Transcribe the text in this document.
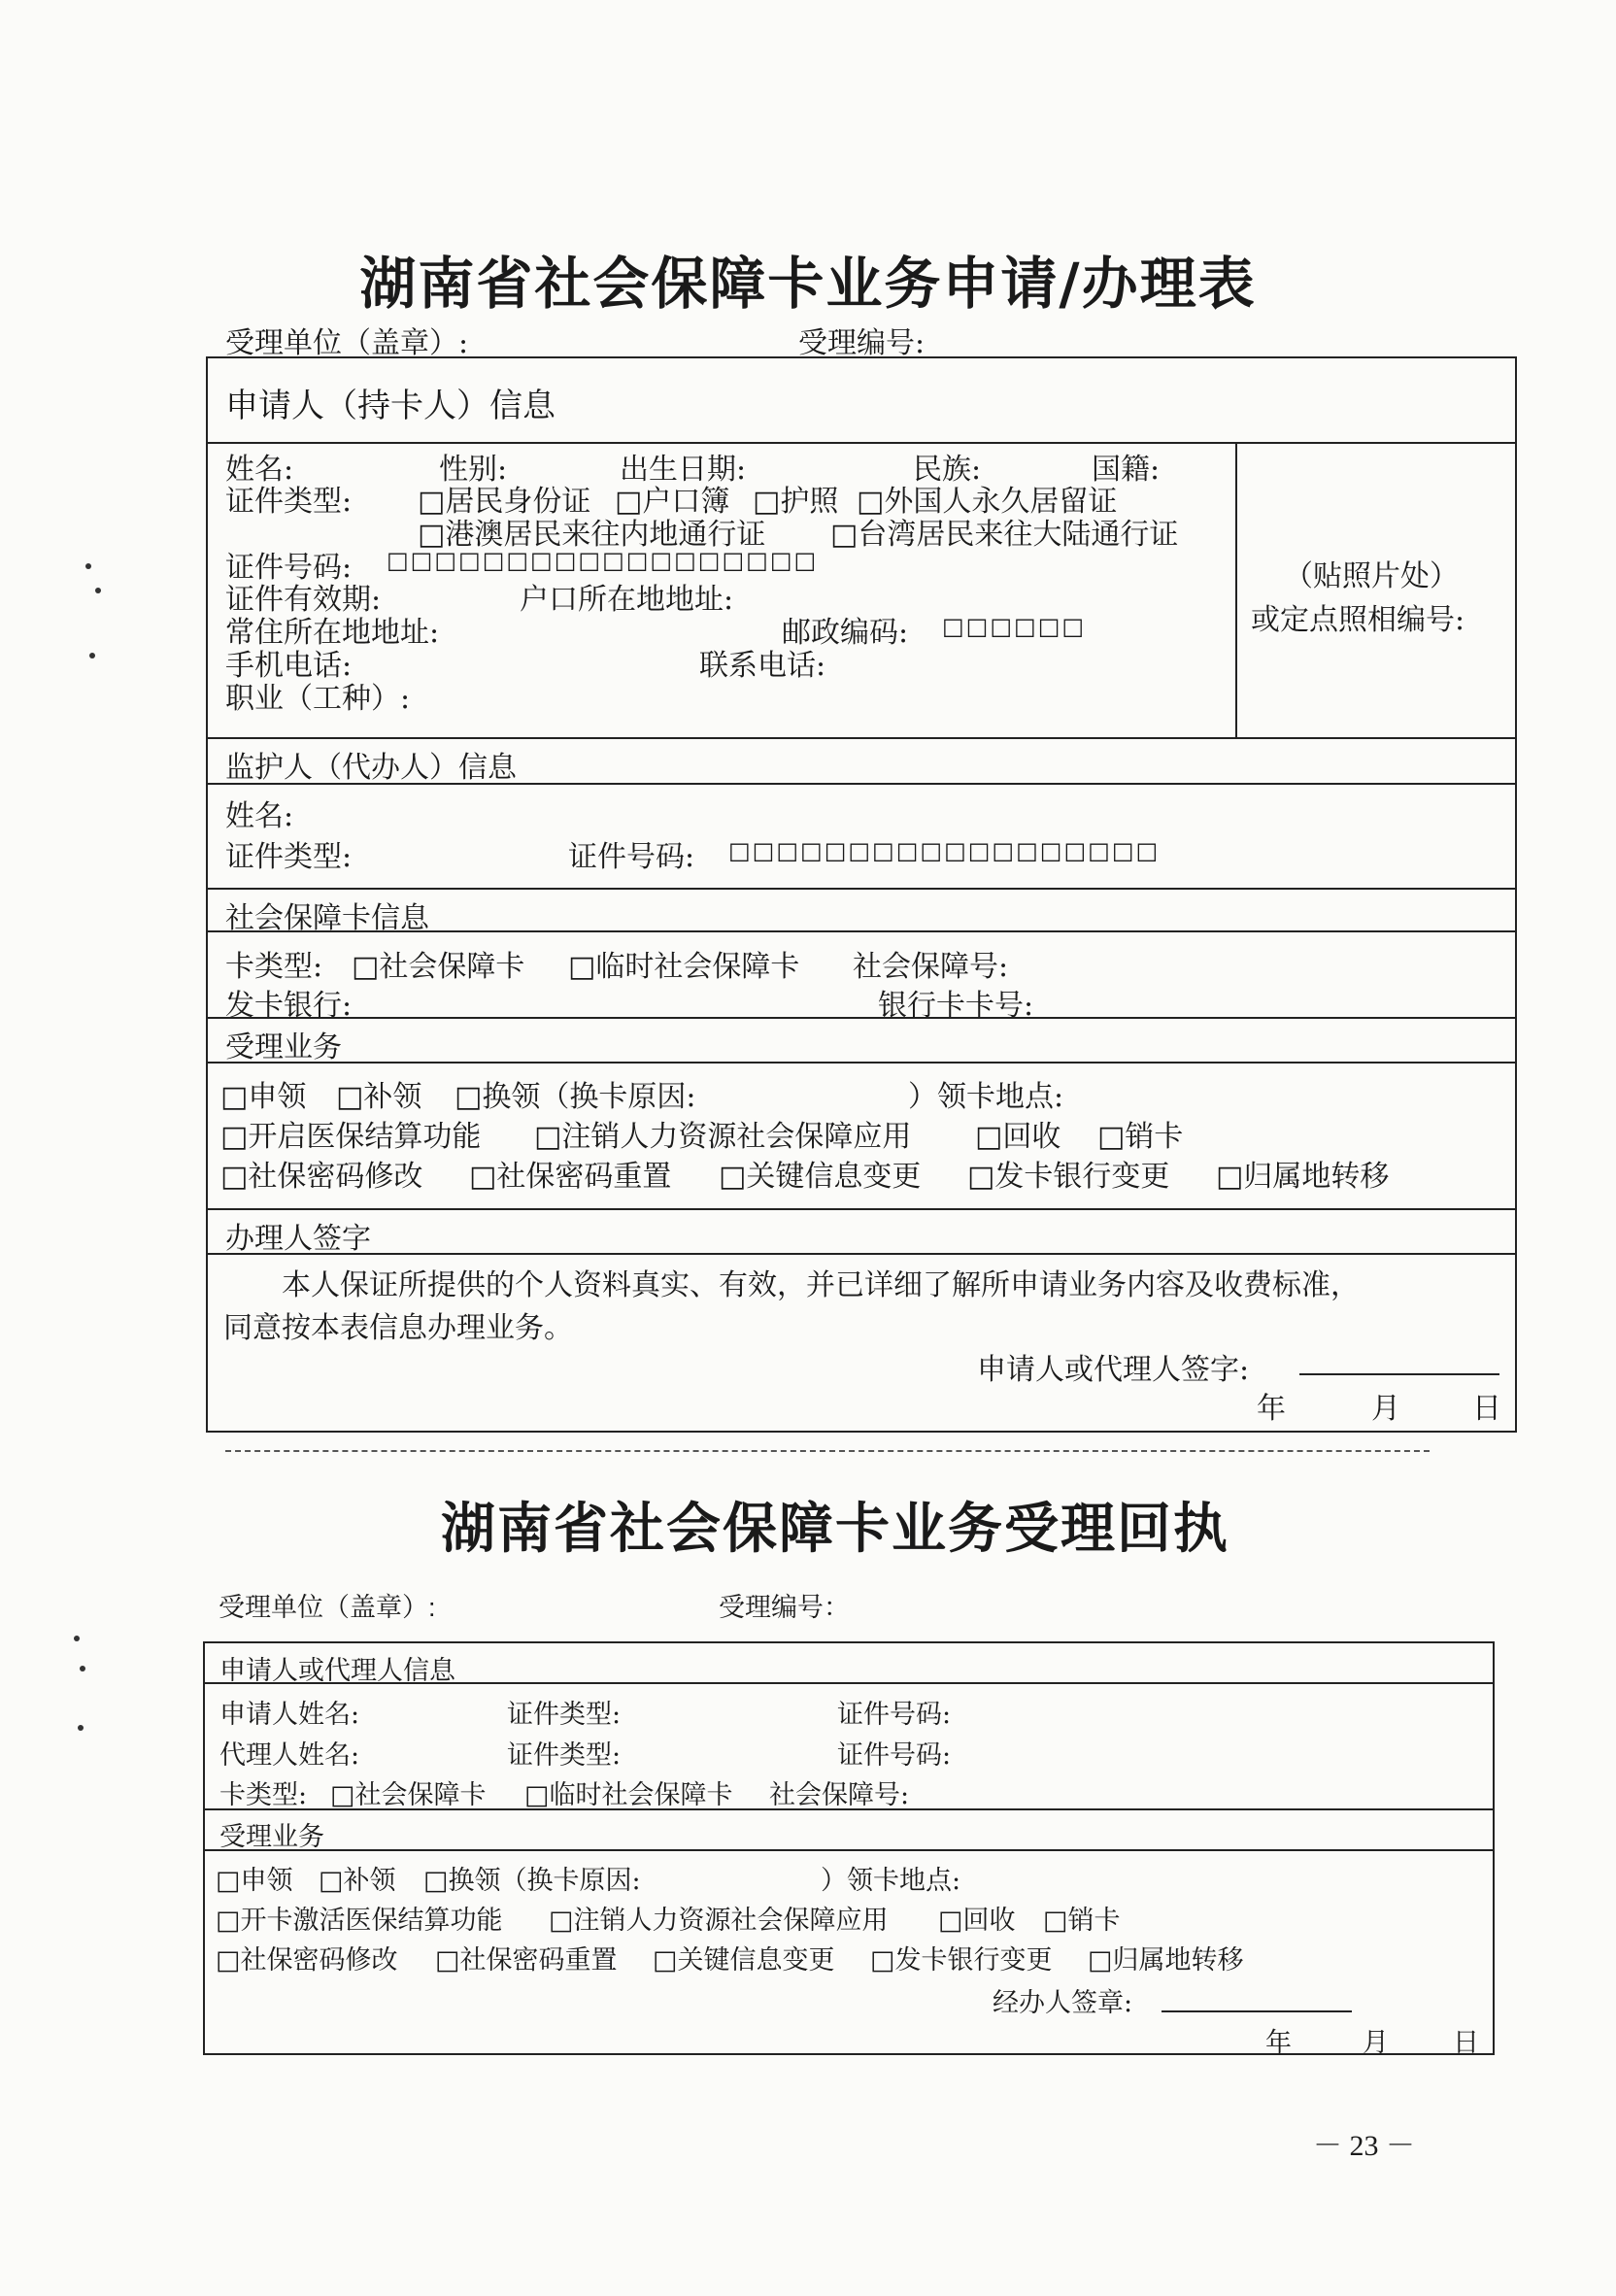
湖南省社会保障卡业务申请/办理表
受理单位（盖章）:	受理编号:
申请人（持卡人）信息
姓名:	性别:	出生日期:	民族:	国籍:
证件类型: □居民身份证 □户口簿 □护照 □外国人永久居留证
□港澳居民来往内地通行证 □台湾居民来往大陆通行证
证件号码: □□□□□□□□□□□□□□□□□□
证件有效期:	户口所在地地址:
常住所在地地址:	邮政编码: □□□□□□
手机电话:	联系电话:
职业（工种）:
（贴照片处）
或定点照相编号:
监护人（代办人）信息
姓名:
证件类型:	证件号码: □□□□□□□□□□□□□□□□□□
社会保障卡信息
卡类型: □社会保障卡 □临时社会保障卡 社会保障号:
发卡银行:	银行卡卡号:
受理业务
□申领 □补领 □换领（换卡原因:	）领卡地点:
□开启医保结算功能 □注销人力资源社会保障应用 □回收 □销卡
□社保密码修改 □社保密码重置 □关键信息变更 □发卡银行变更 □归属地转移
办理人签字
本人保证所提供的个人资料真实、有效，并已详细了解所申请业务内容及收费标准，
同意按本表信息办理业务。
申请人或代理人签字:
年	月 日
湖南省社会保障卡业务受理回执
受理单位（盖章）:	受理编号：
申请人或代理人信息
申请人姓名:	证件类型:	证件号码:
代理人姓名:	证件类型:	证件号码:
卡类型: □社会保障卡 □临时社会保障卡 社会保障号:
受理业务
□申领 □补领 □换领（换卡原因:	）领卡地点:
□开卡激活医保结算功能 □注销人力资源社会保障应用 □回收 □销卡
□社保密码修改 □社保密码重置 □关键信息变更 □发卡银行变更 □归属地转移
经办人签章:
年	月 日
－ 23 －
